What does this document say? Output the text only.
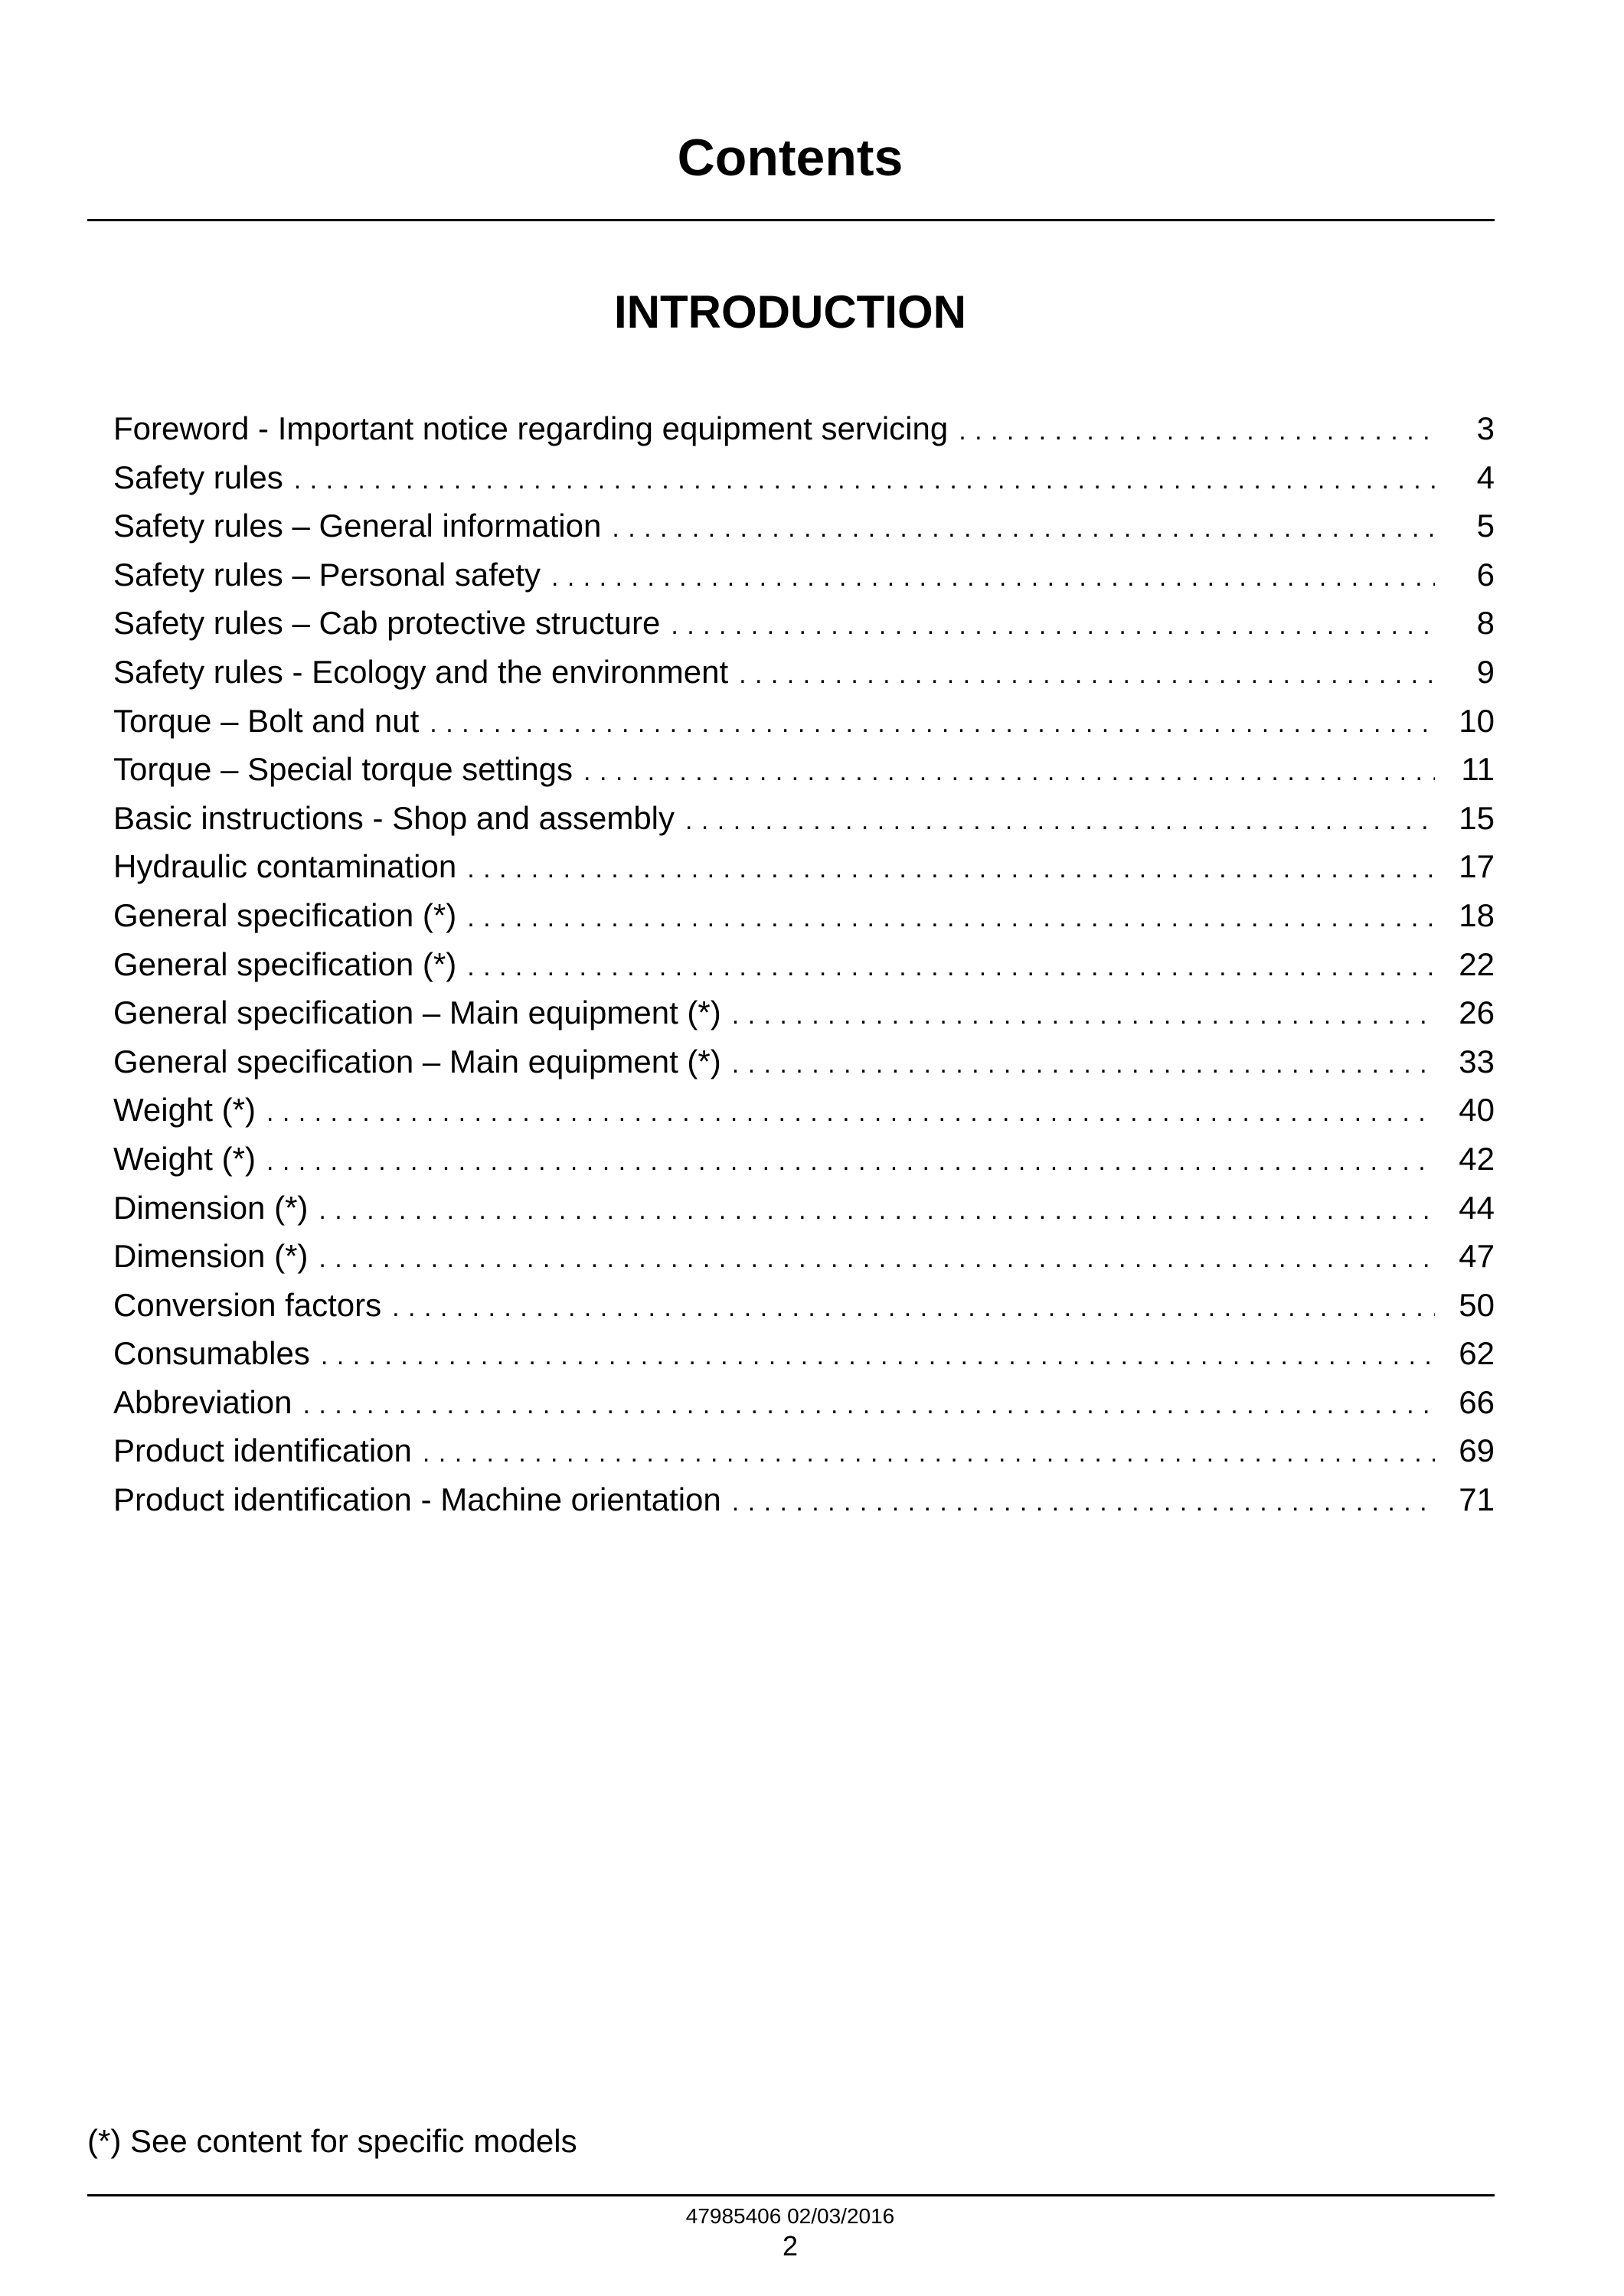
Contents
INTRODUCTION
Foreword - Important notice regarding equipment servicing . . .	3
Safety rules . . .	4
Safety rules – General information . . .	5
Safety rules – Personal safety . . .	6
Safety rules – Cab protective structure . . .	8
Safety rules - Ecology and the environment . . .	9
Torque – Bolt and nut . . .	10
Torque – Special torque settings . . .	11
Basic instructions - Shop and assembly . . .	15
Hydraulic contamination . . .	17
General specification (*) . . .	18
General specification (*) . . .	22
General specification – Main equipment (*) . . .	26
General specification – Main equipment (*) . . .	33
Weight (*) . . .	40
Weight (*) . . .	42
Dimension (*) . . .	44
Dimension (*) . . .	47
Conversion factors . . .	50
Consumables . . .	62
Abbreviation . . .	66
Product identification . . .	69
Product identification - Machine orientation . . .	71
(*) See content for specific models
47985406 02/03/2016
2
